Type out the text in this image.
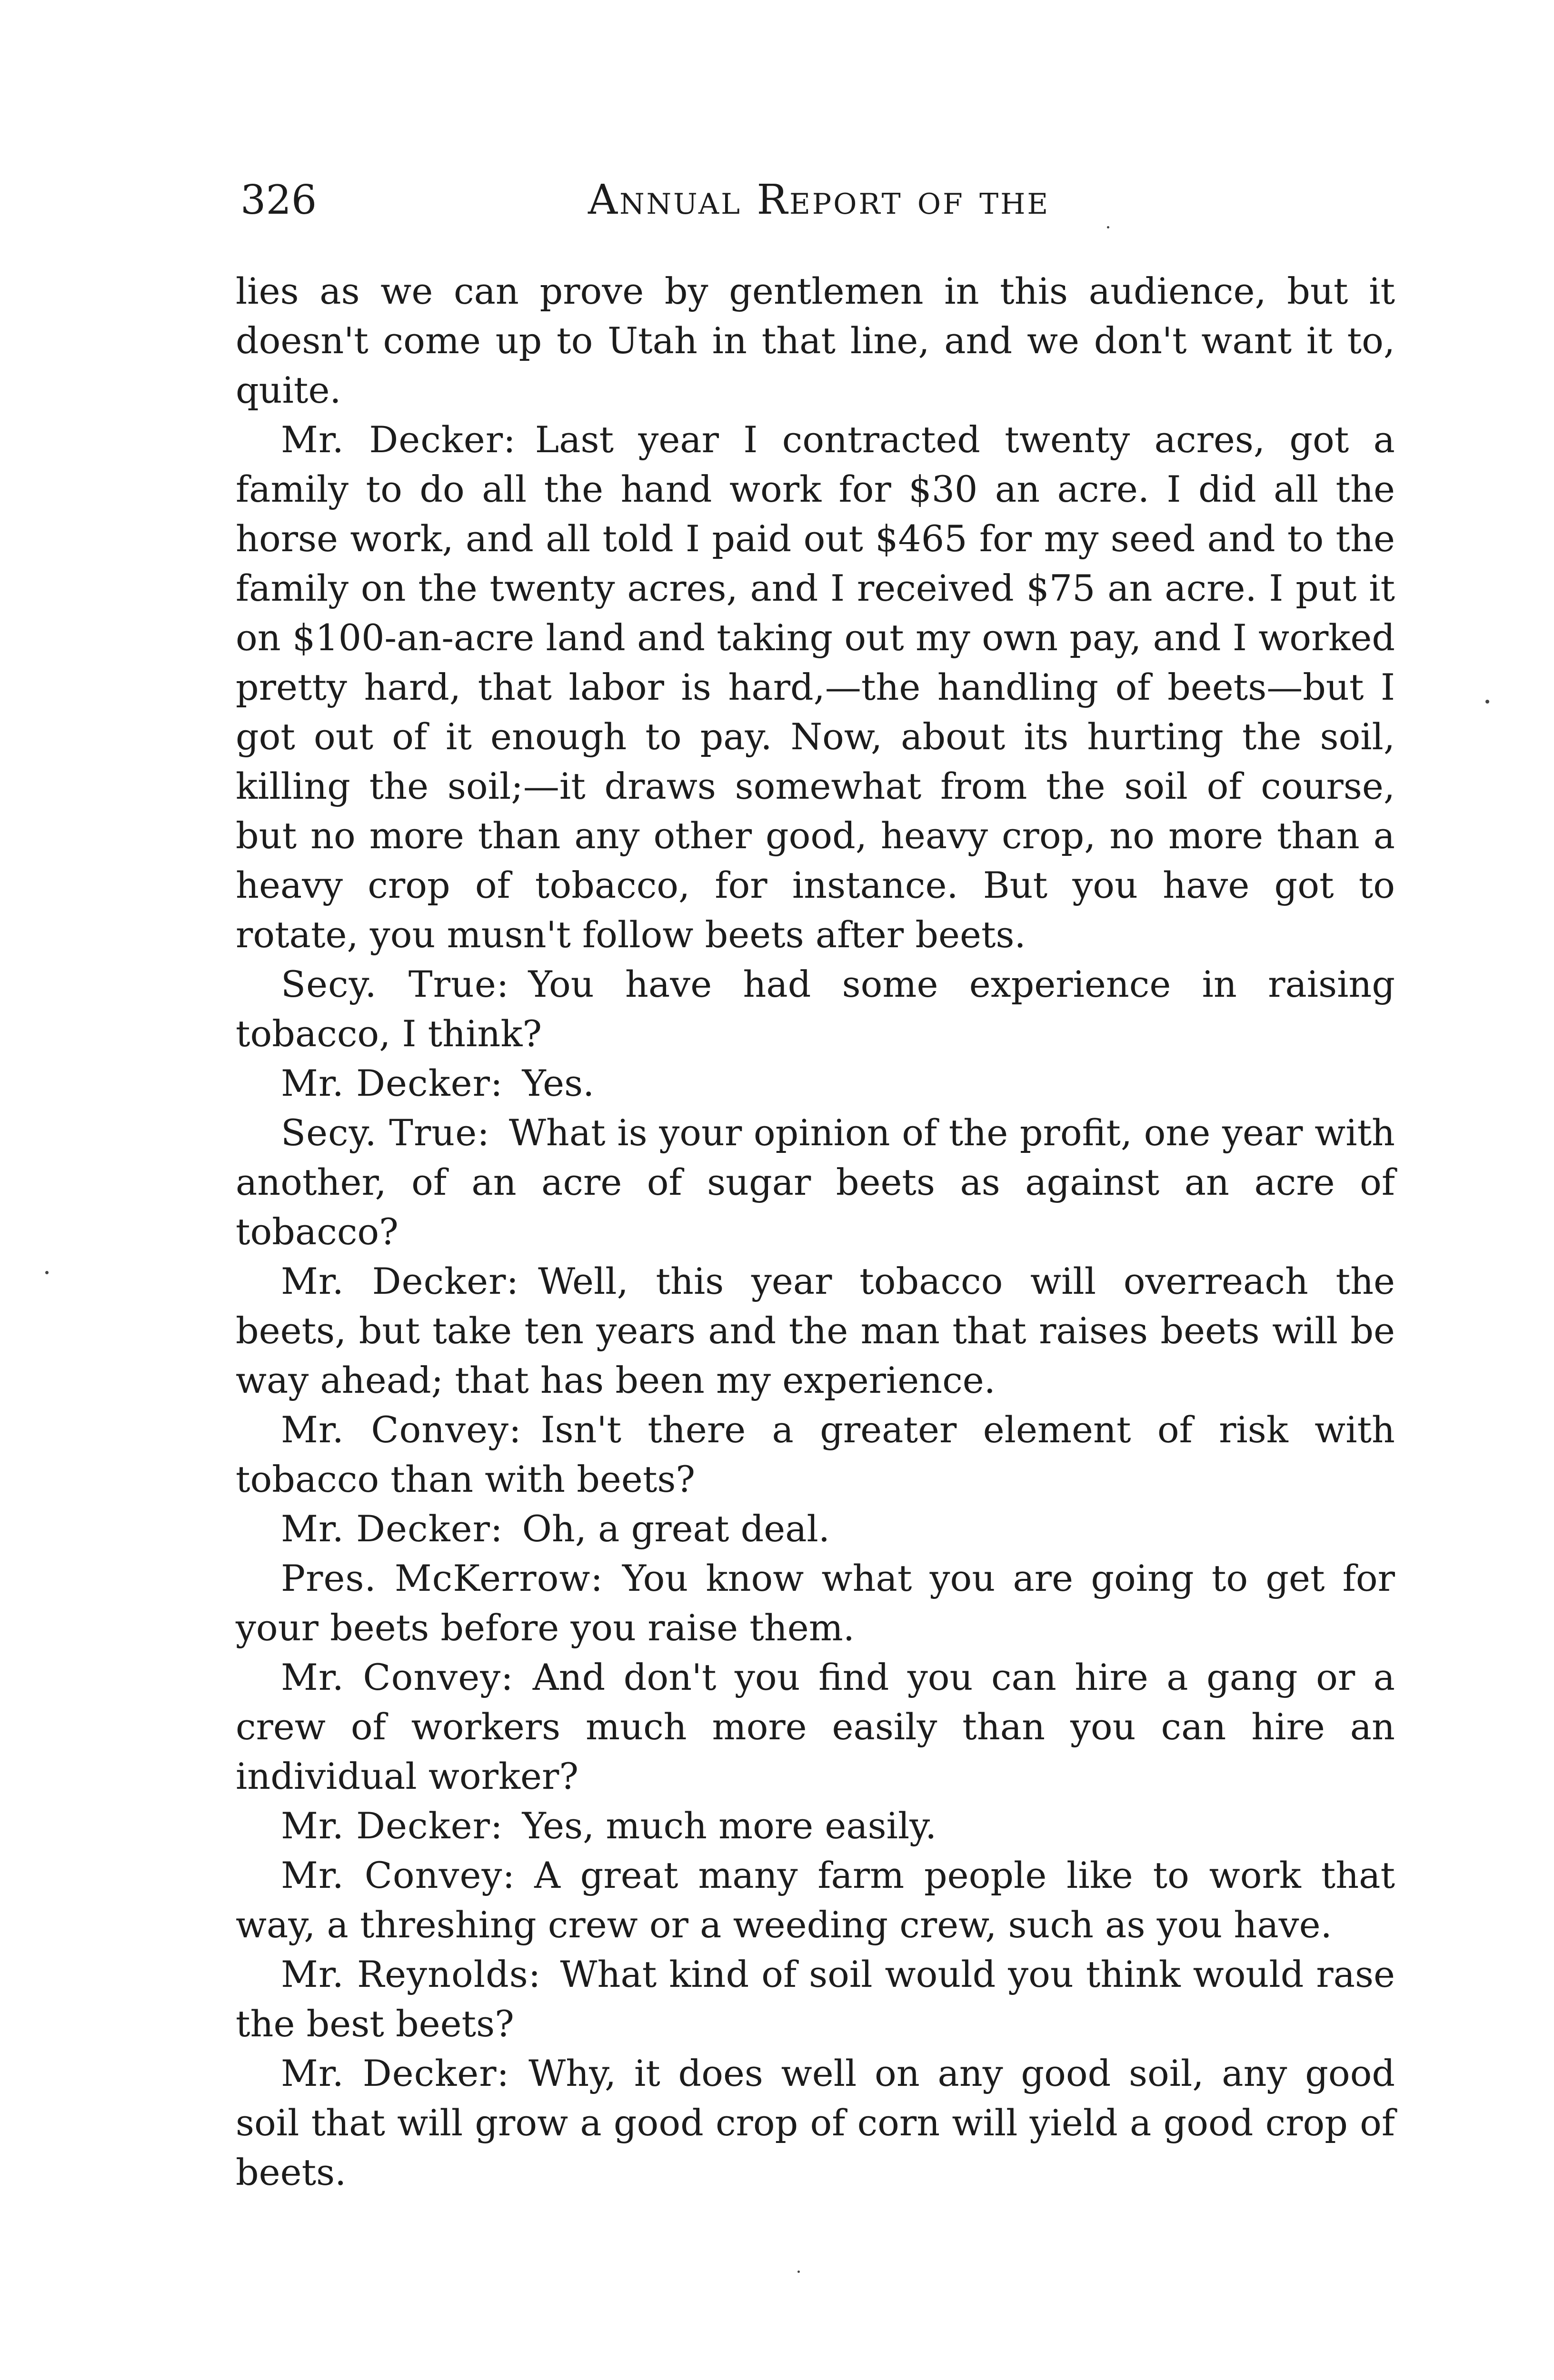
326	Annual Report of the

lies as we can prove by gentlemen in this audience, but it doesn't come up to Utah in that line, and we don't want it to, quite.

Mr. Decker : Last year I contracted twenty acres, got a family to do all the hand work for $30 an acre. I did all the horse work, and all told I paid out $465 for my seed and to the family on the twenty acres, and I received $75 an acre. I put it on $100-an-acre land and taking out my own pay, and I worked pretty hard, that labor is hard,—the handling of beets—but I got out of it enough to pay. Now, about its hurting the soil, killing the soil;—it draws somewhat from the soil of course, but no more than any other good, heavy crop, no more than a heavy crop of tobacco, for instance. But you have got to rotate, you musn't follow beets after beets.

Secy. True : You have had some experience in raising tobacco, I think?

Mr. Decker : Yes.

Secy. True : What is your opinion of the profit, one year with another, of an acre of sugar beets as against an acre of tobacco?

Mr. Decker : Well, this year tobacco will overreach the beets, but take ten years and the man that raises beets will be way ahead; that has been my experience.

Mr. Convey : Isn't there a greater element of risk with tobacco than with beets?

Mr. Decker : Oh, a great deal.

Pres. McKerrow : You know what you are going to get for your beets before you raise them.

Mr. Convey : And don't you find you can hire a gang or a crew of workers much more easily than you can hire an individual worker?

Mr. Decker : Yes, much more easily.

Mr. Convey : A great many farm people like to work that way, a threshing crew or a weeding crew, such as you have.

Mr. Reynolds : What kind of soil would you think would rase the best beets?

Mr. Decker : Why, it does well on any good soil, any good soil that will grow a good crop of corn will yield a good crop of beets.
